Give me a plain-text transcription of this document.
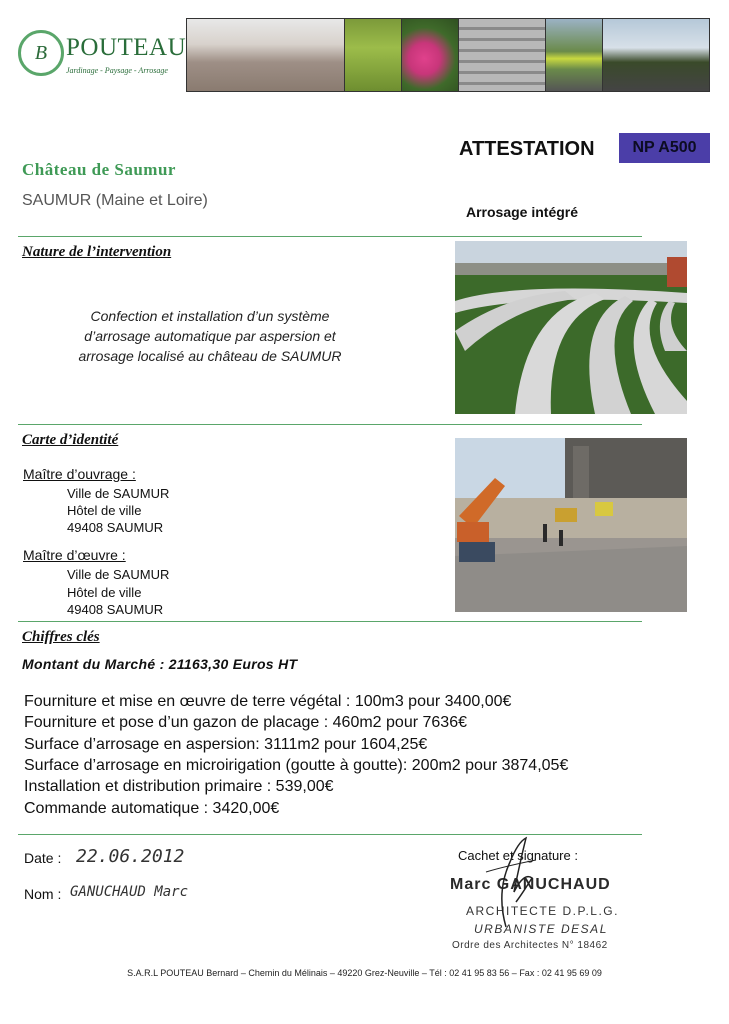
B POUTEAU
Jardinage - Paysage - Arrosage
ATTESTATION NP A500
Arrosage intégré
Château de Saumur
SAUMUR (Maine et Loire)
Nature de l’intervention
Confection et installation d’un système
d’arrosage automatique par aspersion et
arrosage localisé au château de SAUMUR
Carte d’identité
Maître d’ouvrage :
Ville de SAUMUR
Hôtel de ville
49408 SAUMUR
Maître d’œuvre :
Ville de SAUMUR
Hôtel de ville
49408 SAUMUR
Chiffres clés
Montant du Marché : 21163,30 Euros HT
Fourniture et mise en œuvre de terre végétal : 100m3 pour 3400,00€
Fourniture et pose d’un gazon de placage : 460m2 pour 7636€
Surface d’arrosage en aspersion: 3111m2 pour 1604,25€
Surface d’arrosage en microirigation (goutte à goutte): 200m2 pour 3874,05€
Installation et distribution primaire : 539,00€
Commande automatique : 3420,00€
Date : 22.06.2012
Nom : GANUCHAUD Marc
Cachet et signature :
Marc GANUCHAUD
ARCHITECTE D.P.L.G.
URBANISTE DESAL
Ordre des Architectes N° 18462
S.A.R.L POUTEAU Bernard – Chemin du Mélinais – 49220 Grez-Neuville – Tél : 02 41 95 83 56 – Fax : 02 41 95 69 09
